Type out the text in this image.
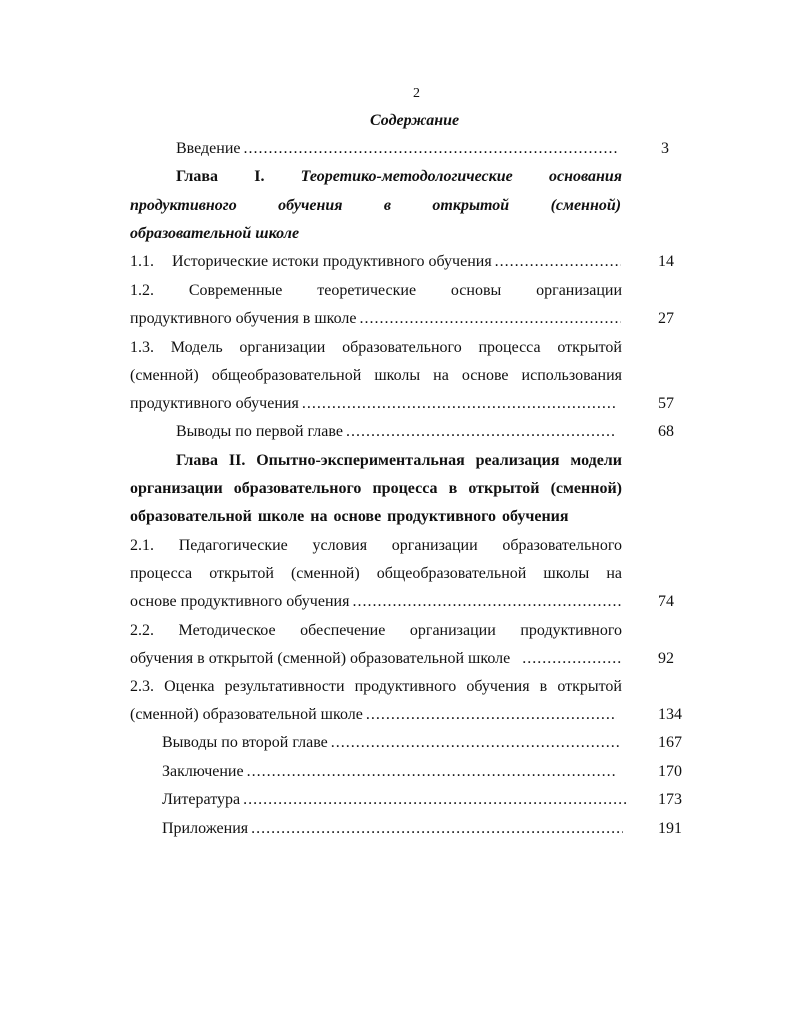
2
Содержание
Введение .....	3
Глава I. Теоретико-методологические основания
продуктивного	обучения	в	открытой	(сменной)
образовательной школе
1.1.	Исторические истоки продуктивного обучения .....	14
1.2. Современные теоретические основы организации
продуктивного обучения в школе .....	27
1.3. Модель организации образовательного процесса открытой
(сменной) общеобразовательной школы на основе использования
продуктивного обучения .....	57
Выводы по первой главе .....	68
Глава II. Опытно-экспериментальная реализация модели
организации образовательного процесса в открытой (сменной)
образовательной школе на основе продуктивного обучения
2.1. Педагогические условия организации образовательного
процесса открытой (сменной) общеобразовательной школы на
основе продуктивного обучения .....	74
2.2. Методическое обеспечение организации продуктивного
обучения в открытой (сменной) образовательной школе .....	92
2.3. Оценка результативности продуктивного обучения в открытой
(сменной) образовательной школе .....	134
Выводы по второй главе .....	167
Заключение .....	170
Литература .....	173
Приложения .....	191
